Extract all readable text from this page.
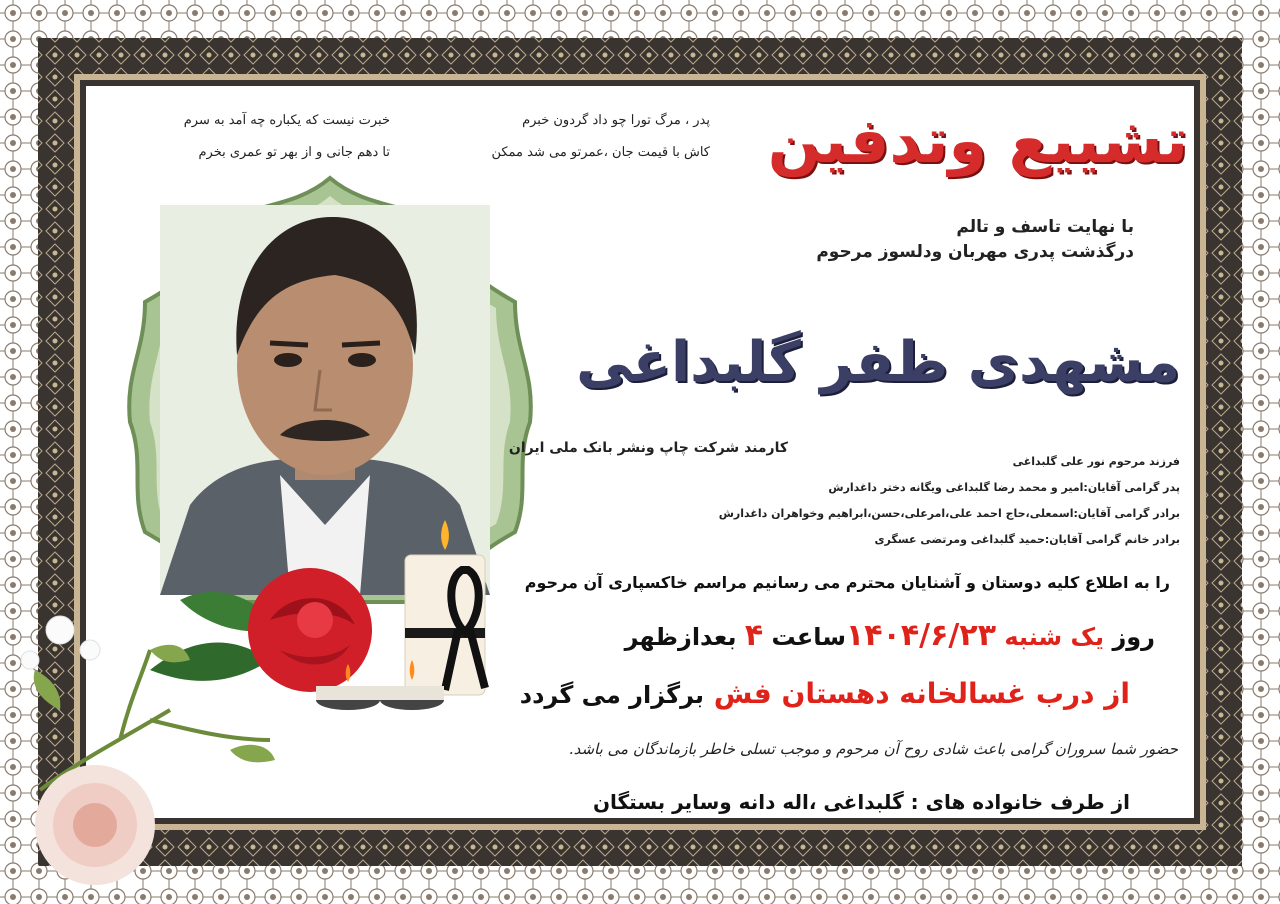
پدر ، مرگ تورا چو داد گردون خبرم
کاش با قیمت جان ،عمرتو می شد ممکن
خبرت نیست که یکباره چه آمد به سرم
تا دهم جانی و از بهر تو عمری بخرم	تشییع وتدفین
با نهایت تاسف و تالم
درگذشت پدری مهربان ودلسوز مرحوم
مشهدی ظفر گلبداغی
کارمند شرکت چاپ ونشر بانک ملی ایران
فرزند مرحوم نور علی گلبداغی
پدر گرامی آقایان:امیر و محمد رضا گلبداغی ویگانه دختر داغدارش
برادر گرامی آقایان:اسمعلی،حاج احمد علی،امرعلی،حسن،ابراهیم وخواهران داغدارش
برادر خانم گرامی آقایان:حمید گلبداغی ومرتضی عسگری
را به اطلاع کلیه دوستان و آشنایان محترم می رسانیم مراسم خاکسپاری آن مرحوم
روز یک شنبه ۱۴۰۴/۶/۲۳ساعت ۴ بعدازظهر
از درب غسالخانه دهستان فش برگزار می گردد
حضور شما سروران گرامی باعث شادی روح آن مرحوم و موجب تسلی خاطر بازماندگان می باشد.
از طرف خانواده های : گلبداغی ،اله دانه وسایر بستگان
